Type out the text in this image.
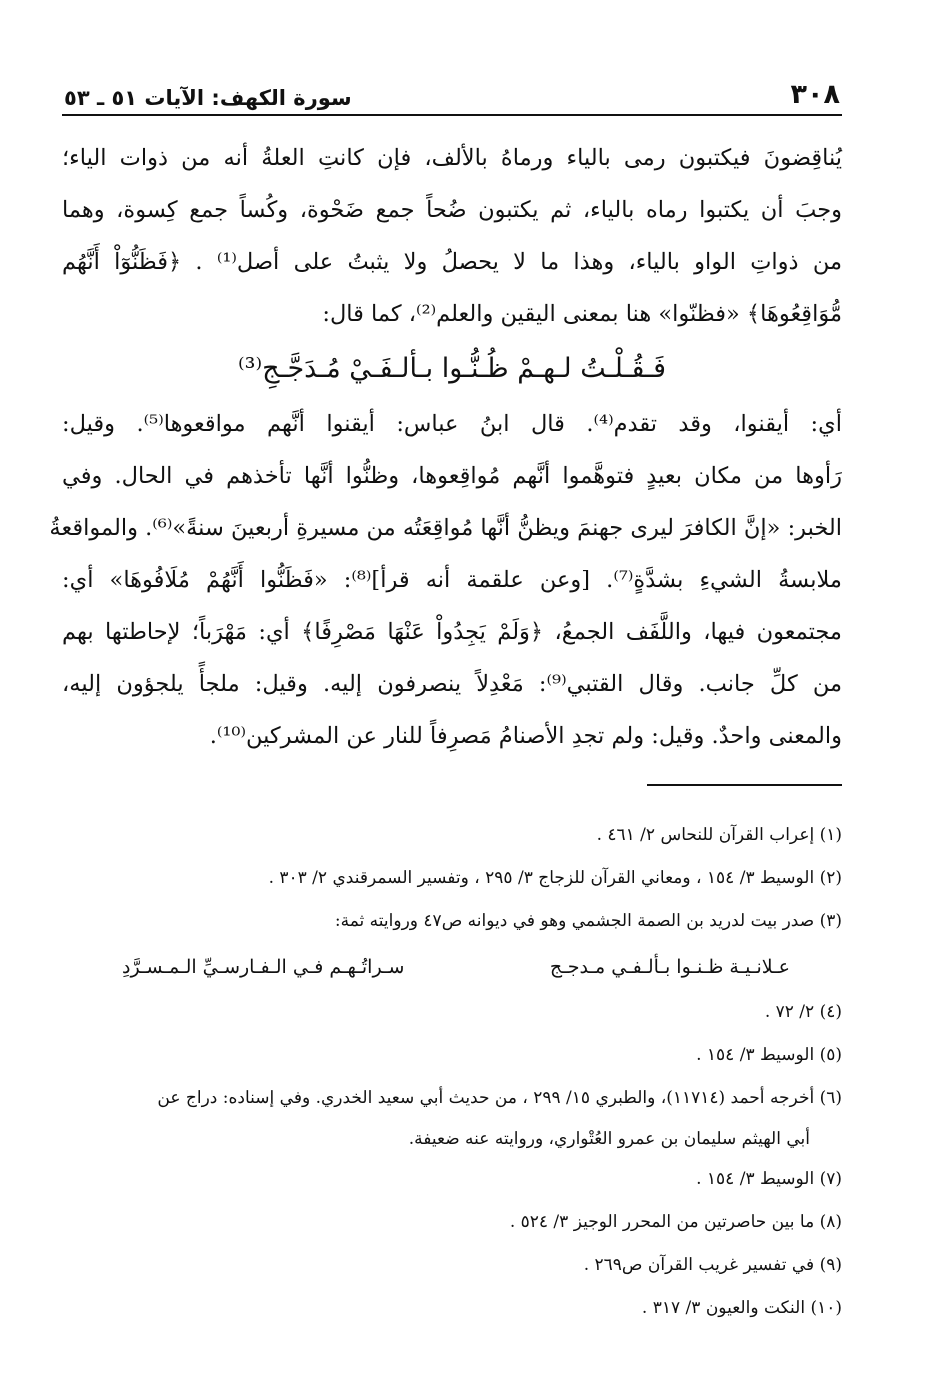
٣٠٨
سورة الكهف: الآيات ٥١ ـ ٥٣
يُناقِضونَ فيكتبون رمى بالياء ورماهُ بالألف، فإن كانتِ العلةُ أنه من ذوات الياء؛
وجبَ أن يكتبوا رماه بالياء، ثم يكتبون ضُحاً جمع ضَحْوة، وكُساً جمع كِسوة، وهما
من ذواتِ الواو بالياء، وهذا ما لا يحصلُ ولا يثبتُ على أصل⁽¹⁾ . ﴿فَظَنُّوٓاْ أَنَّهُم
مُّوَاقِعُوهَا﴾ «فظنّوا» هنا بمعنى اليقين والعلم⁽²⁾، كما قال:
فَـقُـلْـتُ لـهـمْ ظُـنُّـوا بـألـفَـيْ مُـدَجَّـجِ⁽³⁾
أي: أيقنوا، وقد تقدم⁽⁴⁾. قال ابنُ عباس: أيقنوا أنَّهم مواقعوها⁽⁵⁾. وقيل:
رَأوها من مكان بعيدٍ فتوهَّموا أنَّهم مُواقِعوها، وظنُّوا أنَّها تأخذهم في الحال. وفي
الخبر: «إنَّ الكافرَ ليرى جهنمَ ويظنُّ أنَّها مُواقِعَتُه من مسيرةِ أربعينَ سنةً»⁽⁶⁾. والمواقعةُ
ملابسةُ الشيءِ بشدَّةٍ⁽⁷⁾. [وعن علقمة أنه قرأ]⁽⁸⁾: «فَظَنُّوا أَنَّهُمْ مُلَافُوهَا» أي:
مجتمعون فيها، واللَّفَف الجمعُ، ﴿وَلَمْ يَجِدُواْ عَنْهَا مَصْرِفًا﴾ أي: مَهْرَباً؛ لإحاطتها بهم
من كلِّ جانب. وقال القتبي⁽⁹⁾: مَعْدِلاً ينصرفون إليه. وقيل: ملجأً يلجؤون إليه،
والمعنى واحدٌ. وقيل: ولم تجدِ الأصنامُ مَصرِفاً للنار عن المشركين⁽¹⁰⁾.
(١) إعراب القرآن للنحاس ٢/ ٤٦١ .
(٢) الوسيط ٣/ ١٥٤ ، ومعاني القرآن للزجاج ٣/ ٢٩٥ ، وتفسير السمرقندي ٢/ ٣٠٣ .
(٣) صدر بيت لدريد بن الصمة الجشمي وهو في ديوانه ص٤٧ وروايته ثمة:
عـلانـيـة ظـنـوا بـألـفـي مـدجـج
سـراتُـهـم فـي الـفـارسـيِّ الـمـسـرَّدِ
(٤) ٢/ ٧٢ .
(٥) الوسيط ٣/ ١٥٤ .
(٦) أخرجه أحمد (١١٧١٤)، والطبري ١٥/ ٢٩٩ ، من حديث أبي سعيد الخدري. وفي إسناده: دراج عن
أبي الهيثم سليمان بن عمرو العُتْواري، وروايته عنه ضعيفة.
(٧) الوسيط ٣/ ١٥٤ .
(٨) ما بين حاصرتين من المحرر الوجيز ٣/ ٥٢٤ .
(٩) في تفسير غريب القرآن ص٢٦٩ .
(١٠) النكت والعيون ٣/ ٣١٧ .
